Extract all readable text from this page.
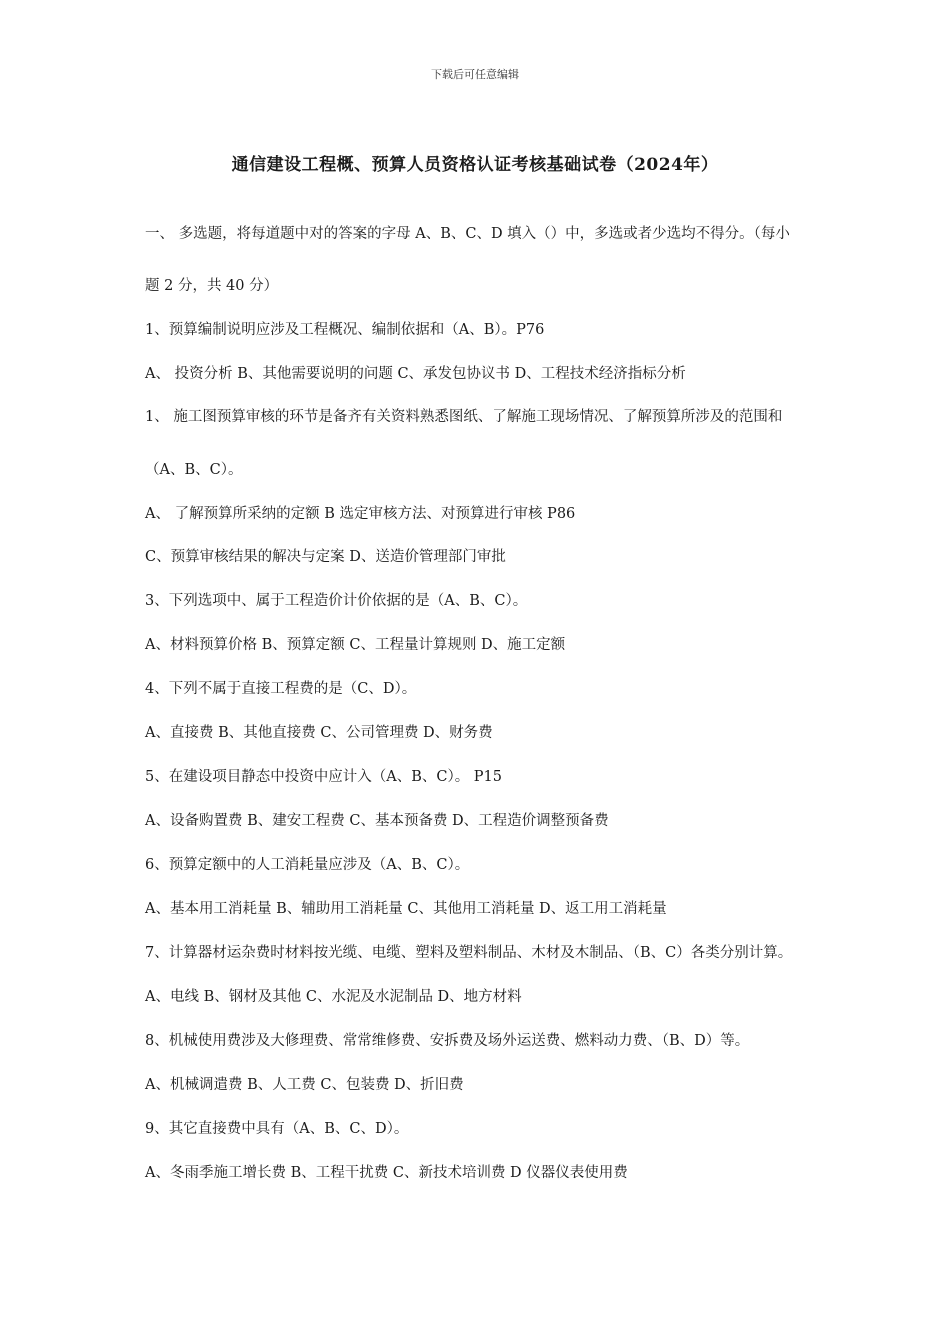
下载后可任意编辑
通信建设工程概、预算人员资格认证考核基础试卷（2024年）
一、 多选题，将每道题中对的答案的字母 A、B、C、D 填入（）中，多选或者少选均不得分。（每小
题 2 分，共 40 分）
1、预算编制说明应涉及工程概况、编制依据和（A、B）。P76
A、 投资分析 B、其他需要说明的问题 C、承发包协议书 D、工程技术经济指标分析
1、 施工图预算审核的环节是备齐有关资料熟悉图纸、了解施工现场情况、了解预算所涉及的范围和
（A、B、C）。
A、 了解预算所采纳的定额 B 选定审核方法、对预算进行审核 P86
C、预算审核结果的解决与定案 D、送造价管理部门审批
3、下列选项中、属于工程造价计价依据的是（A、B、C）。
A、材料预算价格 B、预算定额 C、工程量计算规则 D、施工定额
4、下列不属于直接工程费的是（C、D）。
A、直接费 B、其他直接费 C、公司管理费 D、财务费
5、在建设项目静态中投资中应计入（A、B、C）。 P15
A、设备购置费 B、建安工程费 C、基本预备费 D、工程造价调整预备费
6、预算定额中的人工消耗量应涉及（A、B、C）。
A、基本用工消耗量 B、辅助用工消耗量 C、其他用工消耗量 D、返工用工消耗量
7、计算器材运杂费时材料按光缆、电缆、塑料及塑料制品、木材及木制品、（B、C）各类分别计算。
A、电线 B、钢材及其他 C、水泥及水泥制品 D、地方材料
8、机械使用费涉及大修理费、常常维修费、安拆费及场外运送费、燃料动力费、（B、D）等。
A、机械调遣费 B、人工费 C、包装费 D、折旧费
9、其它直接费中具有（A、B、C、D）。
A、冬雨季施工增长费 B、工程干扰费 C、新技术培训费 D 仪器仪表使用费
